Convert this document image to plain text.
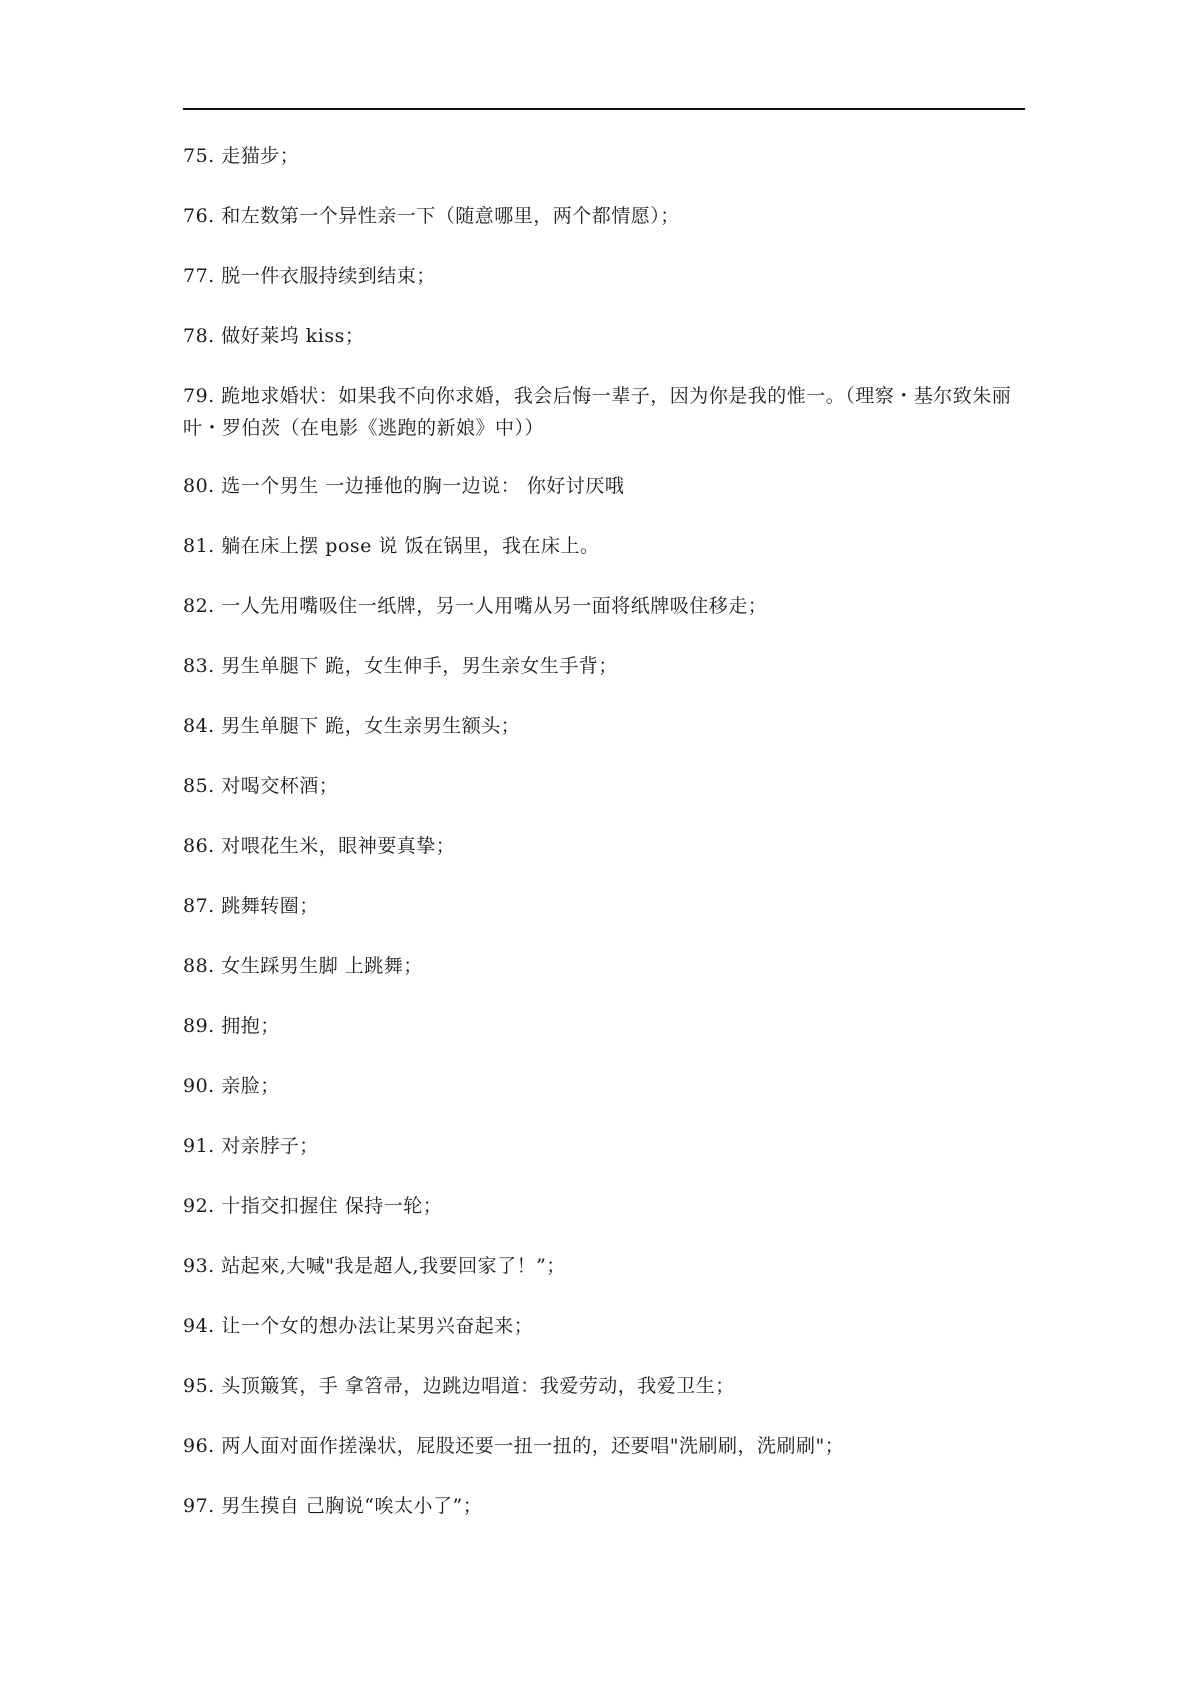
75. 走猫步；
76. 和左数第一个异性亲一下（随意哪里，两个都情愿）；
77. 脱一件衣服持续到结束；
78. 做好莱坞 kiss；
79. 跪地求婚状：如果我不向你求婚，我会后悔一辈子，因为你是我的惟一。（理察・基尔致朱丽叶・罗伯茨（在电影《逃跑的新娘》中））
80. 选一个男生 一边捶他的胸一边说： 你好讨厌哦
81. 躺在床上摆 pose 说 饭在锅里，我在床上。
82. 一人先用嘴吸住一纸牌，另一人用嘴从另一面将纸牌吸住移走；
83. 男生单腿下 跪，女生伸手，男生亲女生手背；
84. 男生单腿下 跪，女生亲男生额头；
85. 对喝交杯酒；
86. 对喂花生米，眼神要真挚；
87. 跳舞转圈；
88. 女生踩男生脚 上跳舞；
89. 拥抱；
90. 亲脸；
91. 对亲脖子；
92. 十指交扣握住 保持一轮；
93. 站起來,大喊"我是超人,我要回家了！”；
94. 让一个女的想办法让某男兴奋起来；
95. 头顶簸箕，手 拿笤帚，边跳边唱道：我爱劳动，我爱卫生；
96. 两人面对面作搓澡状，屁股还要一扭一扭的，还要唱"洗刷刷，洗刷刷"；
97. 男生摸自 己胸说“唉太小了”；
